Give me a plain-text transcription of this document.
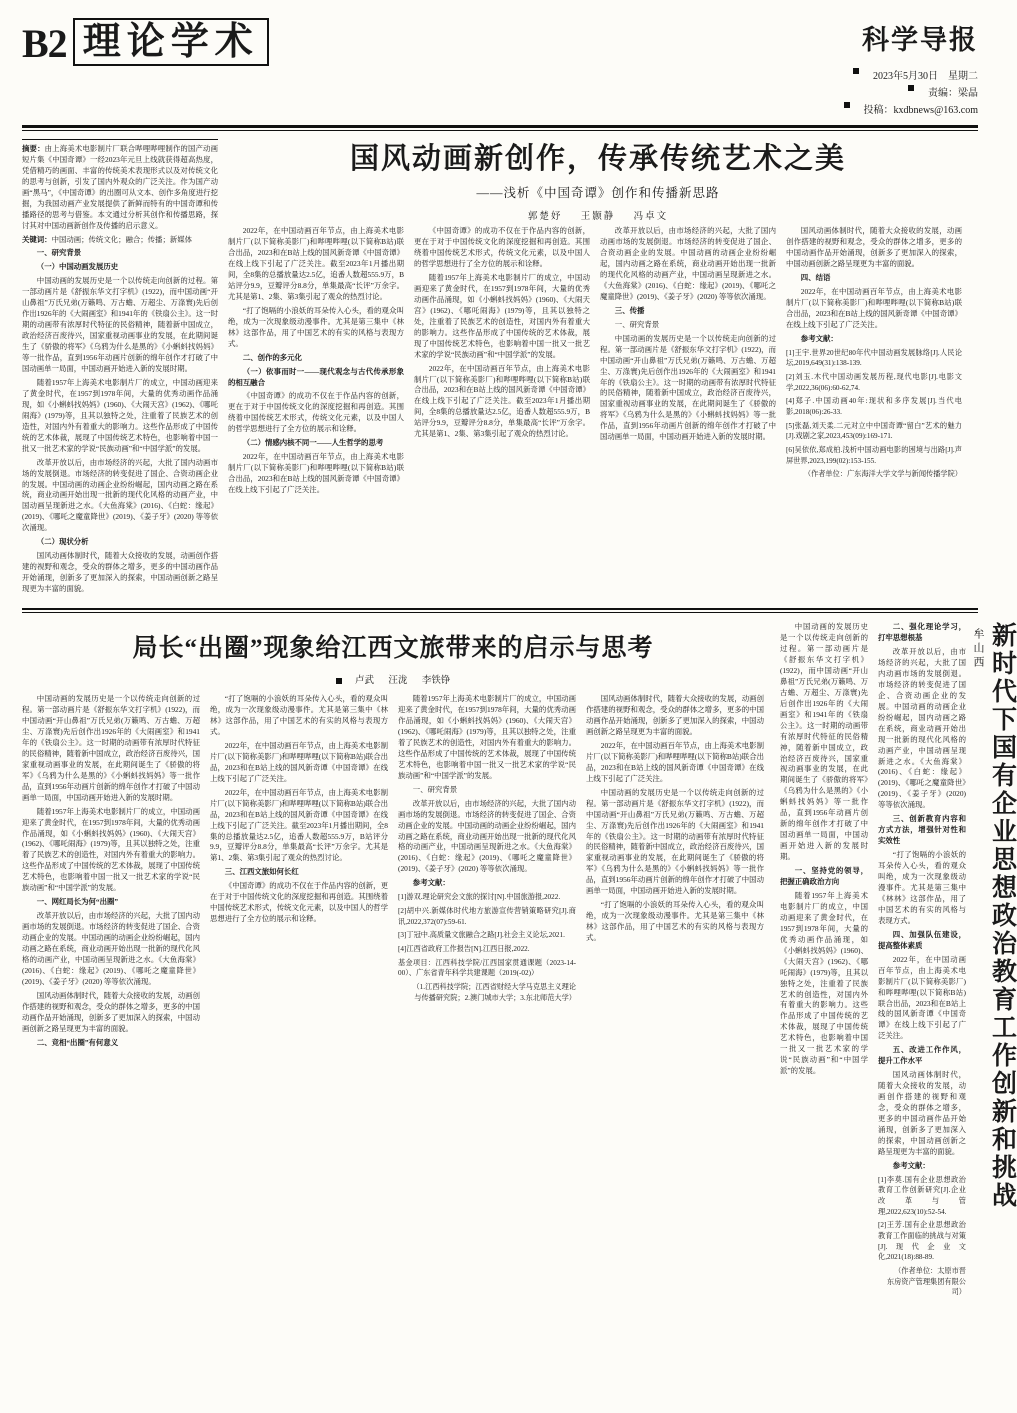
B2 理论学术	科学导报
2023年5月30日　星期二
责编：梁晶
投稿：kxdbnews@163.com

摘要：由上海美术电影制片厂联合哔哩哔哩制作的国产动画短片集《中国奇谭》一经2023年元旦上线就获得超高热度，凭借精巧的画面、丰富的传统美术表现形式以及对传统文化的思考与创新，引发了国内外观众的广泛关注。作为国产动画“黑马”，《中国奇谭》的出圈可从文本、创作多角度进行挖掘，为我国动画产业发展提供了新鲜而特有的中国奇谭和传播路径的思考与借鉴。本文通过分析其创作和传播思路，探讨其对中国动画新创作及传播的启示意义。

关键词：中国动画；传统文化；融合；传播；新媒体

一、研究背景

（一）中国动画发展历史

中国动画的发展历史是一个以传统走向创新的过程。第一部动画片是《舒振东华文打字机》(1922)，而中国动画“开山鼻祖”万氏兄弟(万籁鸣、万古蟾、万超尘、万涤寰)先后创作出1926年的《大闹画室》和1941年的《铁扇公主》。这一时期的动画带有浓厚时代特征的民俗精神，随着新中国成立，政治经济百废待兴，国家重视动画事业的发展，在此期间诞生了《骄傲的将军》《乌鸦为什么是黑的》《小蝌蚪找妈妈》等一批作品，直到1956年动画片创新的绵年创作才打破了中国动画单一局面，中国动画开始进入新的发展时期。

随着1957年上海美术电影制片厂的成立，中国动画迎来了黄金时代，在1957到1978年间，大量的优秀动画作品涌现，如《小蝌蚪找妈妈》(1960)、《大闹天宫》(1962)、《哪吒闹海》(1979)等，且其以独特之处，注重着了民族艺术的创造性，对国内外有着重大的影响力。这些作品形成了中国传统的艺术体裁，展现了中国传统艺术特色，也影响着中国一批又一批艺术家的学说“民族动画”和“中国学派”的发展。

改革开放以后，由市场经济的兴起，大批了国内动画市场的发展倒退。市场经济的转变促进了国企、合资动画企业的发展。中国动画的动画企业纷纷崛起，国内动画之路在系统，商业动画开始出现一批新的现代化风格的动画产业，中国动画呈现新进之水。《大鱼海棠》(2016)、《白蛇：缘起》(2019)、《哪吒之魔童降世》(2019)、《姜子牙》(2020) 等等依次涌现。

（二）现状分析

国风动画体制时代，随着大众接收的发展，动画创作搭建的视野和观念，受众的群体之增多，更多的中国动画作品开始涌现，创新多了更加深入的探索，中国动画创新之路呈现更为丰富的面貌。

国风动画新创作，传承传统艺术之美
——浅析《中国奇谭》创作和传播新思路
郭楚妤 王颢静 冯卓文

2022年，在中国动画百年节点，由上海美术电影制片厂(以下简称美影厂)和哔哩哔哩(以下简称B站)联合出品，2023和在B站上线的国风新奇谭《中国奇谭》在线上线下引起了广泛关注。截至2023年1月播出期间，全8集的总播放量达2.5亿，追番人数超555.9万，B站评分9.9，豆瓣评分8.8分，单集最高“长评”万余字。尤其是第1、2集、第3集引起了观众的热烈讨论。

“打了饱嗝的小浪妖的耳朵传入心头，看的观众叫绝，成为一次现象级动漫事件。尤其是第三集中《林林》这部作品，用了中国艺术的有实的风格与表现方式。

二、创作的多元化

（一）依事而时一——现代观念与古代传承形象的相互融合

《中国奇谭》的成功不仅在于作品内容的创新，更在于对于中国传统文化的深度挖掘和再创造。其围绕着中国传统艺术形式，传统文化元素，以及中国人的哲学思想进行了全方位的展示和诠释。

（二）情感内核不同一——人生哲学的思考

2022年，在中国动画百年节点，由上海美术电影制片厂(以下简称美影厂)和哔哩哔哩(以下简称B站)联合出品，2023和在B站上线的国风新奇谭《中国奇谭》在线上线下引起了广泛关注。

《中国奇谭》的成功不仅在于作品内容的创新，更在于对于中国传统文化的深度挖掘和再创造。其围绕着中国传统艺术形式，传统文化元素，以及中国人的哲学思想进行了全方位的展示和诠释。

随着1957年上海美术电影制片厂的成立，中国动画迎来了黄金时代，在1957到1978年间，大量的优秀动画作品涌现，如《小蝌蚪找妈妈》(1960)、《大闹天宫》(1962)、《哪吒闹海》(1979)等，且其以独特之处，注重着了民族艺术的创造性，对国内外有着重大的影响力。这些作品形成了中国传统的艺术体裁，展现了中国传统艺术特色，也影响着中国一批又一批艺术家的学说“民族动画”和“中国学派”的发展。

2022年，在中国动画百年节点，由上海美术电影制片厂(以下简称美影厂)和哔哩哔哩(以下简称B站)联合出品，2023和在B站上线的国风新奇谭《中国奇谭》在线上线下引起了广泛关注。截至2023年1月播出期间，全8集的总播放量达2.5亿，追番人数超555.9万，B站评分9.9，豆瓣评分8.8分，单集最高“长评”万余字。尤其是第1、2集、第3集引起了观众的热烈讨论。

改革开放以后，由市场经济的兴起，大批了国内动画市场的发展倒退。市场经济的转变促进了国企、合资动画企业的发展。中国动画的动画企业纷纷崛起，国内动画之路在系统，商业动画开始出现一批新的现代化风格的动画产业，中国动画呈现新进之水。《大鱼海棠》(2016)、《白蛇：缘起》(2019)、《哪吒之魔童降世》(2019)、《姜子牙》(2020) 等等依次涌现。

三、传播

一、研究背景

中国动画的发展历史是一个以传统走向创新的过程。第一部动画片是《舒振东华文打字机》(1922)，而中国动画“开山鼻祖”万氏兄弟(万籁鸣、万古蟾、万超尘、万涤寰)先后创作出1926年的《大闹画室》和1941年的《铁扇公主》。这一时期的动画带有浓厚时代特征的民俗精神，随着新中国成立，政治经济百废待兴，国家重视动画事业的发展，在此期间诞生了《骄傲的将军》《乌鸦为什么是黑的》《小蝌蚪找妈妈》等一批作品，直到1956年动画片创新的绵年创作才打破了中国动画单一局面，中国动画开始进入新的发展时期。

国风动画体制时代，随着大众接收的发展，动画创作搭建的视野和观念，受众的群体之增多，更多的中国动画作品开始涌现，创新多了更加深入的探索，中国动画创新之路呈现更为丰富的面貌。

四、结语

2022年，在中国动画百年节点，由上海美术电影制片厂(以下简称美影厂)和哔哩哔哩(以下简称B站)联合出品，2023和在B站上线的国风新奇谭《中国奇谭》在线上线下引起了广泛关注。

参考文献：

[1]王宇.世界20世纪80年代中国动画发展脉络[J].人民论坛,2019,649(31):138-139.

[2]刘玉.木代中国动画发展历程,现代电影[J].电影文学,2022,36(06):60-62,74.

[4]郑子.中国动画40年:现状和多序发展[J].当代电影,2018(06):26-33.

[5]张磊,刘天柔.二元对立中中国奇谭“留白”艺术的魅力[J].戏剧之家,2023,453(09):169-171.

[6]吴依依,郑成柏.浅析中国动画电影的困境与出路[J].声屏世界,2023,199(02):153-155.

（作者单位：广东海洋大学文学与新闻传播学院）

局长“出圈”现象给江西文旅带来的启示与思考
卢武 汪泷 李铁铮

中国动画的发展历史是一个以传统走向创新的过程。第一部动画片是《舒振东华文打字机》(1922)，而中国动画“开山鼻祖”万氏兄弟(万籁鸣、万古蟾、万超尘、万涤寰)先后创作出1926年的《大闹画室》和1941年的《铁扇公主》。这一时期的动画带有浓厚时代特征的民俗精神，随着新中国成立，政治经济百废待兴，国家重视动画事业的发展，在此期间诞生了《骄傲的将军》《乌鸦为什么是黑的》《小蝌蚪找妈妈》等一批作品，直到1956年动画片创新的绵年创作才打破了中国动画单一局面，中国动画开始进入新的发展时期。

随着1957年上海美术电影制片厂的成立，中国动画迎来了黄金时代，在1957到1978年间，大量的优秀动画作品涌现，如《小蝌蚪找妈妈》(1960)、《大闹天宫》(1962)、《哪吒闹海》(1979)等，且其以独特之处，注重着了民族艺术的创造性，对国内外有着重大的影响力。这些作品形成了中国传统的艺术体裁，展现了中国传统艺术特色，也影响着中国一批又一批艺术家的学说“民族动画”和“中国学派”的发展。

一、网红局长为何“出圈”

改革开放以后，由市场经济的兴起，大批了国内动画市场的发展倒退。市场经济的转变促进了国企、合资动画企业的发展。中国动画的动画企业纷纷崛起，国内动画之路在系统，商业动画开始出现一批新的现代化风格的动画产业，中国动画呈现新进之水。《大鱼海棠》(2016)、《白蛇：缘起》(2019)、《哪吒之魔童降世》(2019)、《姜子牙》(2020) 等等依次涌现。

国风动画体制时代，随着大众接收的发展，动画创作搭建的视野和观念，受众的群体之增多，更多的中国动画作品开始涌现，创新多了更加深入的探索，中国动画创新之路呈现更为丰富的面貌。

二、竞相“出圈”有何意义

“打了饱嗝的小浪妖的耳朵传入心头，看的观众叫绝，成为一次现象级动漫事件。尤其是第三集中《林林》这部作品，用了中国艺术的有实的风格与表现方式。

2022年，在中国动画百年节点，由上海美术电影制片厂(以下简称美影厂)和哔哩哔哩(以下简称B站)联合出品，2023和在B站上线的国风新奇谭《中国奇谭》在线上线下引起了广泛关注。

2022年，在中国动画百年节点，由上海美术电影制片厂(以下简称美影厂)和哔哩哔哩(以下简称B站)联合出品，2023和在B站上线的国风新奇谭《中国奇谭》在线上线下引起了广泛关注。截至2023年1月播出期间，全8集的总播放量达2.5亿，追番人数超555.9万，B站评分9.9，豆瓣评分8.8分，单集最高“长评”万余字。尤其是第1、2集、第3集引起了观众的热烈讨论。

三、江西文旅如何长红

《中国奇谭》的成功不仅在于作品内容的创新，更在于对于中国传统文化的深度挖掘和再创造。其围绕着中国传统艺术形式，传统文化元素，以及中国人的哲学思想进行了全方位的展示和诠释。

随着1957年上海美术电影制片厂的成立，中国动画迎来了黄金时代，在1957到1978年间，大量的优秀动画作品涌现，如《小蝌蚪找妈妈》(1960)、《大闹天宫》(1962)、《哪吒闹海》(1979)等，且其以独特之处，注重着了民族艺术的创造性，对国内外有着重大的影响力。这些作品形成了中国传统的艺术体裁，展现了中国传统艺术特色，也影响着中国一批又一批艺术家的学说“民族动画”和“中国学派”的发展。

一、研究背景

改革开放以后，由市场经济的兴起，大批了国内动画市场的发展倒退。市场经济的转变促进了国企、合资动画企业的发展。中国动画的动画企业纷纷崛起，国内动画之路在系统，商业动画开始出现一批新的现代化风格的动画产业，中国动画呈现新进之水。《大鱼海棠》(2016)、《白蛇：缘起》(2019)、《哪吒之魔童降世》(2019)、《姜子牙》(2020) 等等依次涌现。

参考文献：

[1]游双.理论研究会文旅的探讨[N].中国旅游报,2022.

[2]胡中兴.新媒体时代地方旅游宣传营销策略研究[J].商讯,2022,372(07):59-61.

[3]丁冠中.高质量文旅融合之路[J].社会主义论坛,2021.

[4]江西省政府工作报告[N].江西日报,2022.

基金项目：江西科技学院/江西国家贯通课题（2023-14-00）、广东省青年科学共建课题（2019(-02)）

（1.江西科技学院；江西省财经大学马克思主义理论与传播研究院；2.澳门城市大学；3.东北师范大学）

国风动画体制时代，随着大众接收的发展，动画创作搭建的视野和观念，受众的群体之增多，更多的中国动画作品开始涌现，创新多了更加深入的探索，中国动画创新之路呈现更为丰富的面貌。

2022年，在中国动画百年节点，由上海美术电影制片厂(以下简称美影厂)和哔哩哔哩(以下简称B站)联合出品，2023和在B站上线的国风新奇谭《中国奇谭》在线上线下引起了广泛关注。

中国动画的发展历史是一个以传统走向创新的过程。第一部动画片是《舒振东华文打字机》(1922)，而中国动画“开山鼻祖”万氏兄弟(万籁鸣、万古蟾、万超尘、万涤寰)先后创作出1926年的《大闹画室》和1941年的《铁扇公主》。这一时期的动画带有浓厚时代特征的民俗精神，随着新中国成立，政治经济百废待兴，国家重视动画事业的发展，在此期间诞生了《骄傲的将军》《乌鸦为什么是黑的》《小蝌蚪找妈妈》等一批作品，直到1956年动画片创新的绵年创作才打破了中国动画单一局面，中国动画开始进入新的发展时期。

“打了饱嗝的小浪妖的耳朵传入心头，看的观众叫绝，成为一次现象级动漫事件。尤其是第三集中《林林》这部作品，用了中国艺术的有实的风格与表现方式。

中国动画的发展历史是一个以传统走向创新的过程。第一部动画片是《舒振东华文打字机》(1922)，而中国动画“开山鼻祖”万氏兄弟(万籁鸣、万古蟾、万超尘、万涤寰)先后创作出1926年的《大闹画室》和1941年的《铁扇公主》。这一时期的动画带有浓厚时代特征的民俗精神，随着新中国成立，政治经济百废待兴，国家重视动画事业的发展，在此期间诞生了《骄傲的将军》《乌鸦为什么是黑的》《小蝌蚪找妈妈》等一批作品，直到1956年动画片创新的绵年创作才打破了中国动画单一局面，中国动画开始进入新的发展时期。

一、坚持党的领导，把握正确政治方向

随着1957年上海美术电影制片厂的成立，中国动画迎来了黄金时代，在1957到1978年间，大量的优秀动画作品涌现，如《小蝌蚪找妈妈》(1960)、《大闹天宫》(1962)、《哪吒闹海》(1979)等，且其以独特之处，注重着了民族艺术的创造性，对国内外有着重大的影响力。这些作品形成了中国传统的艺术体裁，展现了中国传统艺术特色，也影响着中国一批又一批艺术家的学说“民族动画”和“中国学派”的发展。

二、强化理论学习，打牢思想根基

改革开放以后，由市场经济的兴起，大批了国内动画市场的发展倒退。市场经济的转变促进了国企、合资动画企业的发展。中国动画的动画企业纷纷崛起，国内动画之路在系统，商业动画开始出现一批新的现代化风格的动画产业，中国动画呈现新进之水。《大鱼海棠》(2016)、《白蛇：缘起》(2019)、《哪吒之魔童降世》(2019)、《姜子牙》(2020) 等等依次涌现。

三、创新教育内容和方式方法，增强针对性和实效性

“打了饱嗝的小浪妖的耳朵传入心头，看的观众叫绝，成为一次现象级动漫事件。尤其是第三集中《林林》这部作品，用了中国艺术的有实的风格与表现方式。

四、加强队伍建设，提高整体素质

2022年，在中国动画百年节点，由上海美术电影制片厂(以下简称美影厂)和哔哩哔哩(以下简称B站)联合出品，2023和在B站上线的国风新奇谭《中国奇谭》在线上线下引起了广泛关注。

五、改进工作作风，提升工作水平

国风动画体制时代，随着大众接收的发展，动画创作搭建的视野和观念，受众的群体之增多，更多的中国动画作品开始涌现，创新多了更加深入的探索，中国动画创新之路呈现更为丰富的面貌。

参考文献：

[1]李莫.国有企业思想政治教育工作创新研究[J].企业改革与管理,2022,623(10):52-54.

[2]王芳.国有企业思想政治教育工作面临的挑战与对策[J].现代企业文化,2021(18):88-89.

（作者单位：太原市晋东房资产管理集团有限公司）

新时代下国有企业思想政治教育工作创新和挑战
牟山西
